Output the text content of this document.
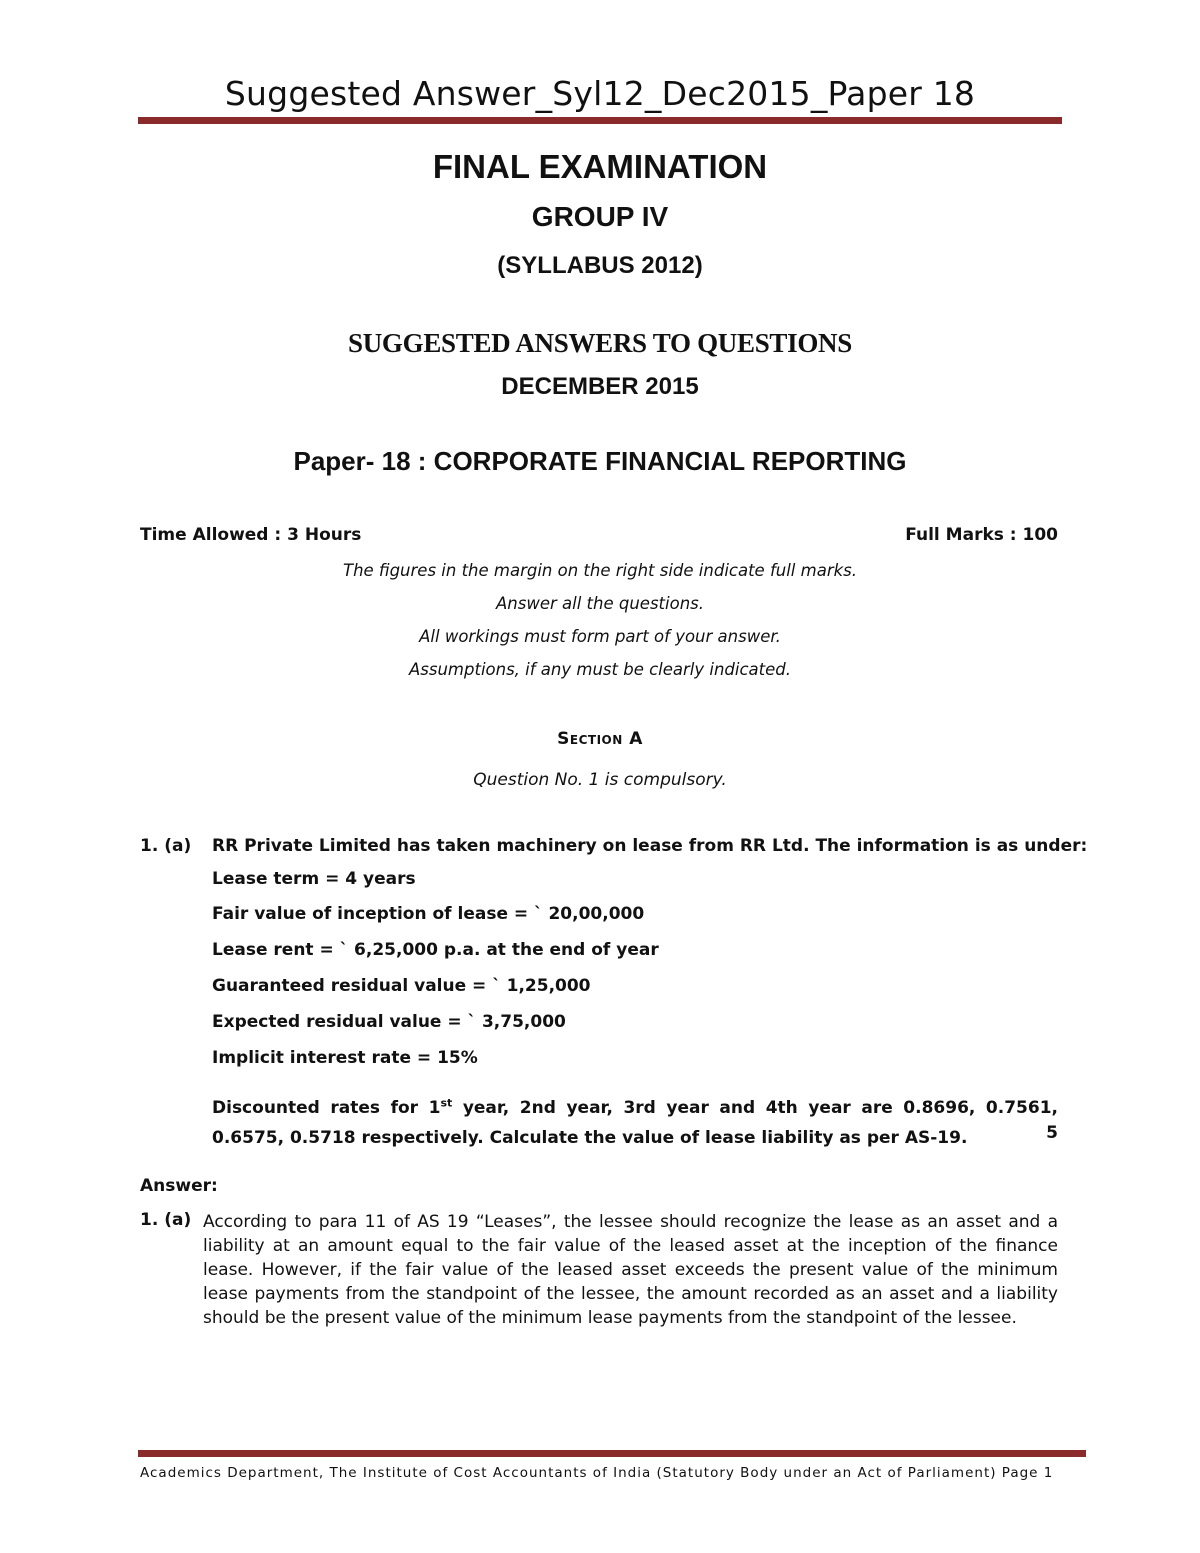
Suggested Answer_Syl12_Dec2015_Paper 18
FINAL EXAMINATION
GROUP IV
(SYLLABUS 2012)
SUGGESTED ANSWERS TO QUESTIONS
DECEMBER 2015
Paper- 18 : CORPORATE FINANCIAL REPORTING
Time Allowed : 3 Hours	Full Marks : 100
The figures in the margin on the right side indicate full marks.
Answer all the questions.
All workings must form part of your answer.
Assumptions, if any must be clearly indicated.
Section A
Question No. 1 is compulsory.
1. (a) RR Private Limited has taken machinery on lease from RR Ltd. The information is as under:
Lease term = 4 years
Fair value of inception of lease = ` 20,00,000
Lease rent = ` 6,25,000 p.a. at the end of year
Guaranteed residual value = ` 1,25,000
Expected residual value = ` 3,75,000
Implicit interest rate = 15%
Discounted rates for 1st year, 2nd year, 3rd year and 4th year are 0.8696, 0.7561, 0.6575, 0.5718 respectively. Calculate the value of lease liability as per AS-19.	5
Answer:
1. (a) According to para 11 of AS 19 “Leases”, the lessee should recognize the lease as an asset and a liability at an amount equal to the fair value of the leased asset at the inception of the finance lease. However, if the fair value of the leased asset exceeds the present value of the minimum lease payments from the standpoint of the lessee, the amount recorded as an asset and a liability should be the present value of the minimum lease payments from the standpoint of the lessee.
Academics Department, The Institute of Cost Accountants of India (Statutory Body under an Act of Parliament) Page 1
